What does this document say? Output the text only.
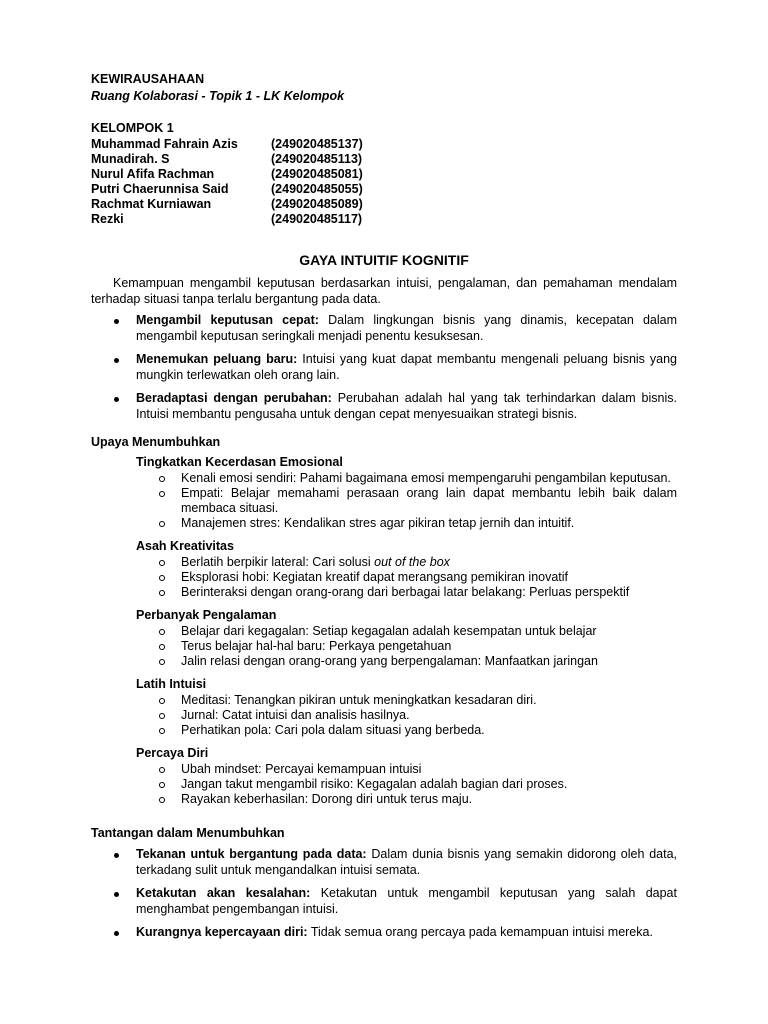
KEWIRAUSAHAAN
Ruang Kolaborasi - Topik 1 - LK Kelompok
KELOMPOK 1
Muhammad Fahrain Azis	(249020485137)
Munadirah. S	(249020485113)
Nurul Afifa Rachman	(249020485081)
Putri Chaerunnisa Said	(249020485055)
Rachmat Kurniawan	(249020485089)
Rezki	(249020485117)
GAYA INTUITIF KOGNITIF

Kemampuan mengambil keputusan berdasarkan intuisi, pengalaman, dan pemahaman mendalam terhadap situasi tanpa terlalu bergantung pada data.

Mengambil keputusan cepat: Dalam lingkungan bisnis yang dinamis, kecepatan dalam mengambil keputusan seringkali menjadi penentu kesuksesan.
Menemukan peluang baru: Intuisi yang kuat dapat membantu mengenali peluang bisnis yang mungkin terlewatkan oleh orang lain.
Beradaptasi dengan perubahan: Perubahan adalah hal yang tak terhindarkan dalam bisnis. Intuisi membantu pengusaha untuk dengan cepat menyesuaikan strategi bisnis.
Upaya Menumbuhkan
Tingkatkan Kecerdasan Emosional
Kenali emosi sendiri: Pahami bagaimana emosi mempengaruhi pengambilan keputusan.
Empati: Belajar memahami perasaan orang lain dapat membantu lebih baik dalam membaca situasi.
Manajemen stres: Kendalikan stres agar pikiran tetap jernih dan intuitif.
Asah Kreativitas
Berlatih berpikir lateral: Cari solusi out of the box
Eksplorasi hobi: Kegiatan kreatif dapat merangsang pemikiran inovatif
Berinteraksi dengan orang-orang dari berbagai latar belakang: Perluas perspektif
Perbanyak Pengalaman
Belajar dari kegagalan: Setiap kegagalan adalah kesempatan untuk belajar
Terus belajar hal-hal baru: Perkaya pengetahuan
Jalin relasi dengan orang-orang yang berpengalaman: Manfaatkan jaringan
Latih Intuisi
Meditasi: Tenangkan pikiran untuk meningkatkan kesadaran diri.
Jurnal: Catat intuisi dan analisis hasilnya.
Perhatikan pola: Cari pola dalam situasi yang berbeda.
Percaya Diri
Ubah mindset: Percayai kemampuan intuisi
Jangan takut mengambil risiko: Kegagalan adalah bagian dari proses.
Rayakan keberhasilan: Dorong diri untuk terus maju.
Tantangan dalam Menumbuhkan
Tekanan untuk bergantung pada data: Dalam dunia bisnis yang semakin didorong oleh data, terkadang sulit untuk mengandalkan intuisi semata.
Ketakutan akan kesalahan: Ketakutan untuk mengambil keputusan yang salah dapat menghambat pengembangan intuisi.
Kurangnya kepercayaan diri: Tidak semua orang percaya pada kemampuan intuisi mereka.
